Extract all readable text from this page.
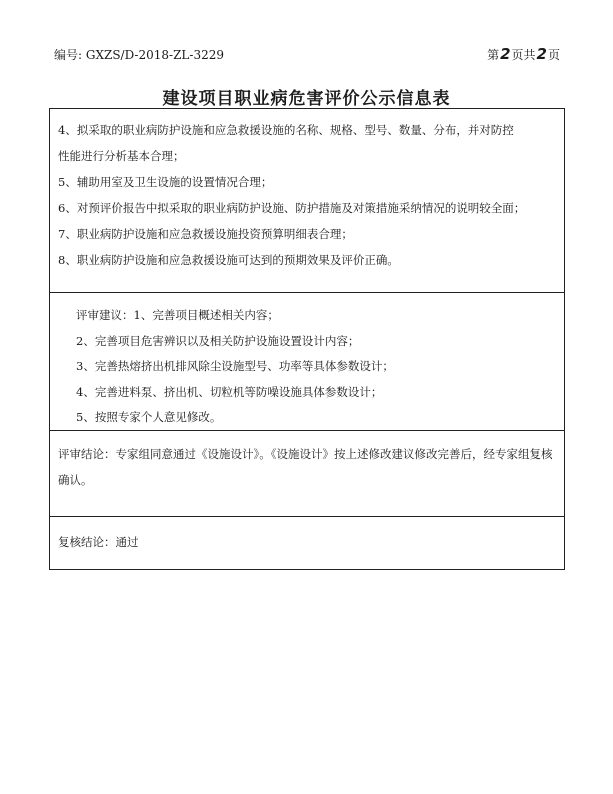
编号: GXZS/D-2018-ZL-3229	第 2 页共 2 页
建设项目职业病危害评价公示信息表
4、拟采取的职业病防护设施和应急救援设施的名称、规格、型号、数量、分布，并对防控
性能进行分析基本合理；
5、辅助用室及卫生设施的设置情况合理；
6、对预评价报告中拟采取的职业病防护设施、防护措施及对策措施采纳情况的说明较全面；
7、职业病防护设施和应急救援设施投资预算明细表合理；
8、职业病防护设施和应急救援设施可达到的预期效果及评价正确。
评审建议：1、完善项目概述相关内容；
2、完善项目危害辨识以及相关防护设施设置设计内容；
3、完善热熔挤出机排风除尘设施型号、功率等具体参数设计；
4、完善进料泵、挤出机、切粒机等防噪设施具体参数设计；
5、按照专家个人意见修改。
评审结论：专家组同意通过《设施设计》。《设施设计》按上述修改建议修改完善后，经专家组复核确认。
复核结论：通过
